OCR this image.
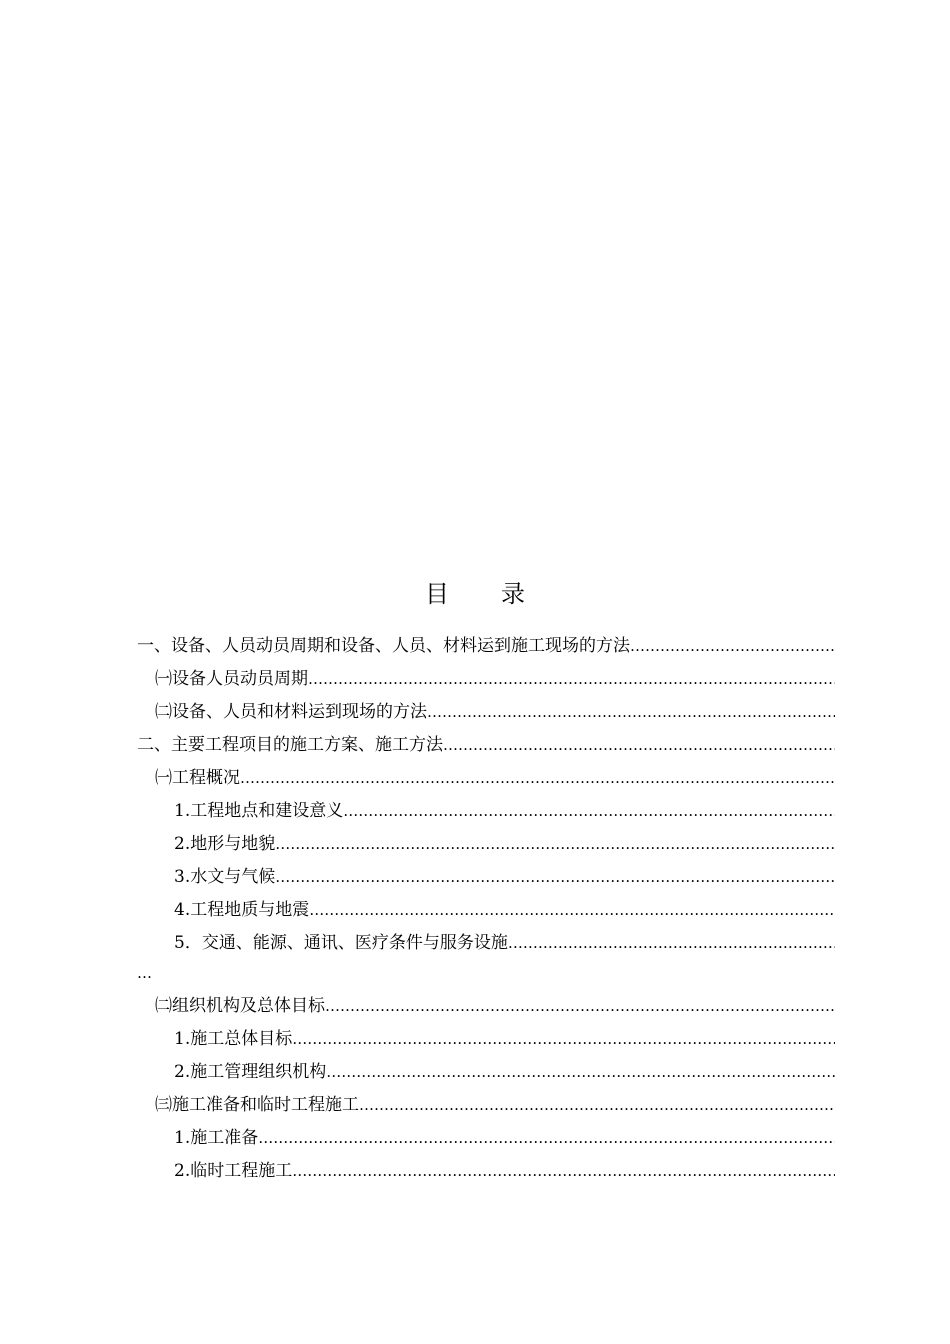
目 录
一、设备、人员动员周期和设备、人员、材料运到施工现场的方法
…………………………………………………………………………………………………………………………………………………………
㈠设备人员动员周期
…………………………………………………………………………………………………………………………………………………………
㈡设备、人员和材料运到现场的方法
…………………………………………………………………………………………………………………………………………………………
二、主要工程项目的施工方案、施工方法
…………………………………………………………………………………………………………………………………………………………
㈠工程概况
…………………………………………………………………………………………………………………………………………………………
1.工程地点和建设意义
…………………………………………………………………………………………………………………………………………………………
2.地形与地貌
…………………………………………………………………………………………………………………………………………………………
3.水文与气候
…………………………………………………………………………………………………………………………………………………………
4.工程地质与地震
…………………………………………………………………………………………………………………………………………………………
5．交通、能源、通讯、医疗条件与服务设施
…………………………………………………………………………………………………………………………………………………………
…
㈡组织机构及总体目标
…………………………………………………………………………………………………………………………………………………………
1.施工总体目标
…………………………………………………………………………………………………………………………………………………………
2.施工管理组织机构
…………………………………………………………………………………………………………………………………………………………
㈢施工准备和临时工程施工
…………………………………………………………………………………………………………………………………………………………
1.施工准备
…………………………………………………………………………………………………………………………………………………………
2.临时工程施工
…………………………………………………………………………………………………………………………………………………………
